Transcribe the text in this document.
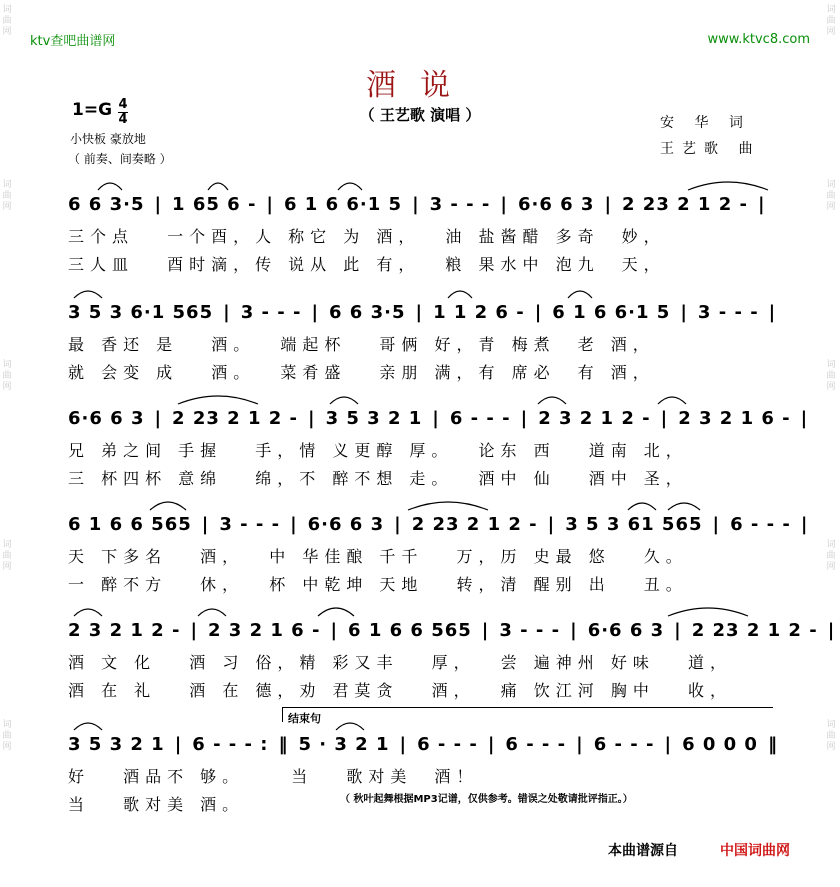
ktv查吧曲谱网	www.ktvc8.com
酒说
（ 王艺歌 演唱 ）
1=G 4
4
小快板 豪放地
（ 前奏、间奏略 ）
安 华 词
王艺歌 曲
词曲网
词曲网
词曲网
词曲网
词曲网
词曲网
词曲网
词曲网
词曲网
词曲网
6 6 3·5 | 1 65 6 - | 6 1 6 6·1 5 | 3 - - - | 6·6 6 3 | 2 23 2 1 2 - |
三个点　 一个酉，人 称它 为 酒，　 油 盐酱醋 多奇　妙，
三人皿　 酉时滴，传 说从 此 有，　 粮 果水中 泡九　天，
3 5 3 6·1 565 | 3 - - - | 6 6 3·5 | 1 1 2 6 - | 6 1 6 6·1 5 | 3 - - - |
最 香还 是　 酒。　 端起杯　 哥俩 好，青 梅煮　老 酒，
就 会变 成　 酒。　 菜肴盛　 亲朋 满，有 席必　有 酒，
6·6 6 3 | 2 23 2 1 2 - | 3 5 3 2 1 | 6 - - - | 2 3 2 1 2 - | 2 3 2 1 6 - |
兄 弟之间 手握　 手，情 义更醇 厚。　 论东 西　 道南 北，
三 杯四杯 意绵　 绵，不 醉不想 走。　 酒中 仙　 酒中 圣，
6 1 6 6 565 | 3 - - - | 6·6 6 3 | 2 23 2 1 2 - | 3 5 3 61 565 | 6 - - - |
天 下多名　 酒，　 中 华佳酿 千千　 万，历 史最 悠　 久。
一 醉不方　 休，　 杯 中乾坤 天地　 转，清 醒别 出　 丑。
2 3 2 1 2 - | 2 3 2 1 6 - | 6 1 6 6 565 | 3 - - - | 6·6 6 3 | 2 23 2 1 2 - |
酒 文 化　 酒 习 俗，精 彩又丰　 厚，　 尝 遍神州 好味　 道，
酒 在 礼　 酒 在 德，劝 君莫贪　 酒，　 痛 饮江河 胸中　 收，
结束句
3 5 3 2 1 | 6 - - - : ‖ 5 · 3 2 1 | 6 - - - | 6 - - - | 6 - - - | 6 0 0 0 ‖
好　 酒品不 够。　　 当　 歌对美　酒！
当　 歌对美 酒。	（ 秋叶起舞根据MP3记谱，仅供参考。错误之处敬请批评指正。）
本曲谱源自	中国词曲网
